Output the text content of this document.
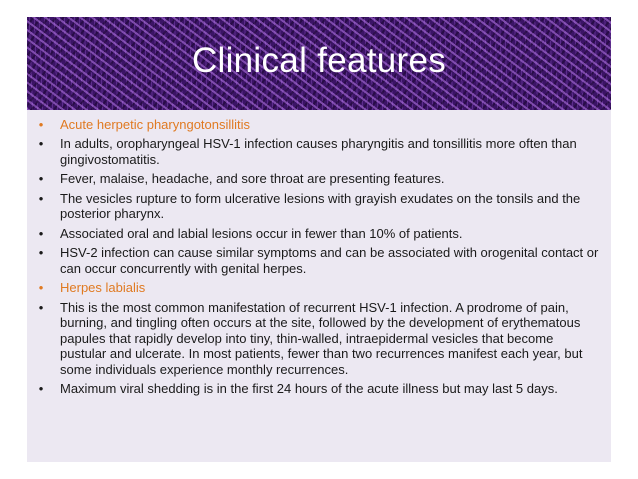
Clinical features
• Acute herpetic pharyngotonsillitis
• In adults, oropharyngeal HSV-1 infection causes pharyngitis and tonsillitis more often than gingivostomatitis.
• Fever, malaise, headache, and sore throat are presenting features.
• The vesicles rupture to form ulcerative lesions with grayish exudates on the tonsils and the posterior pharynx.
• Associated oral and labial lesions occur in fewer than 10% of patients.
• HSV-2 infection can cause similar symptoms and can be associated with orogenital contact or can occur concurrently with genital herpes.
• Herpes labialis
• This is the most common manifestation of recurrent HSV-1 infection. A prodrome of pain, burning, and tingling often occurs at the site, followed by the development of erythematous papules that rapidly develop into tiny, thin-walled, intraepidermal vesicles that become pustular and ulcerate. In most patients, fewer than two recurrences manifest each year, but some individuals experience monthly recurrences.
• Maximum viral shedding is in the first 24 hours of the acute illness but may last 5 days.
